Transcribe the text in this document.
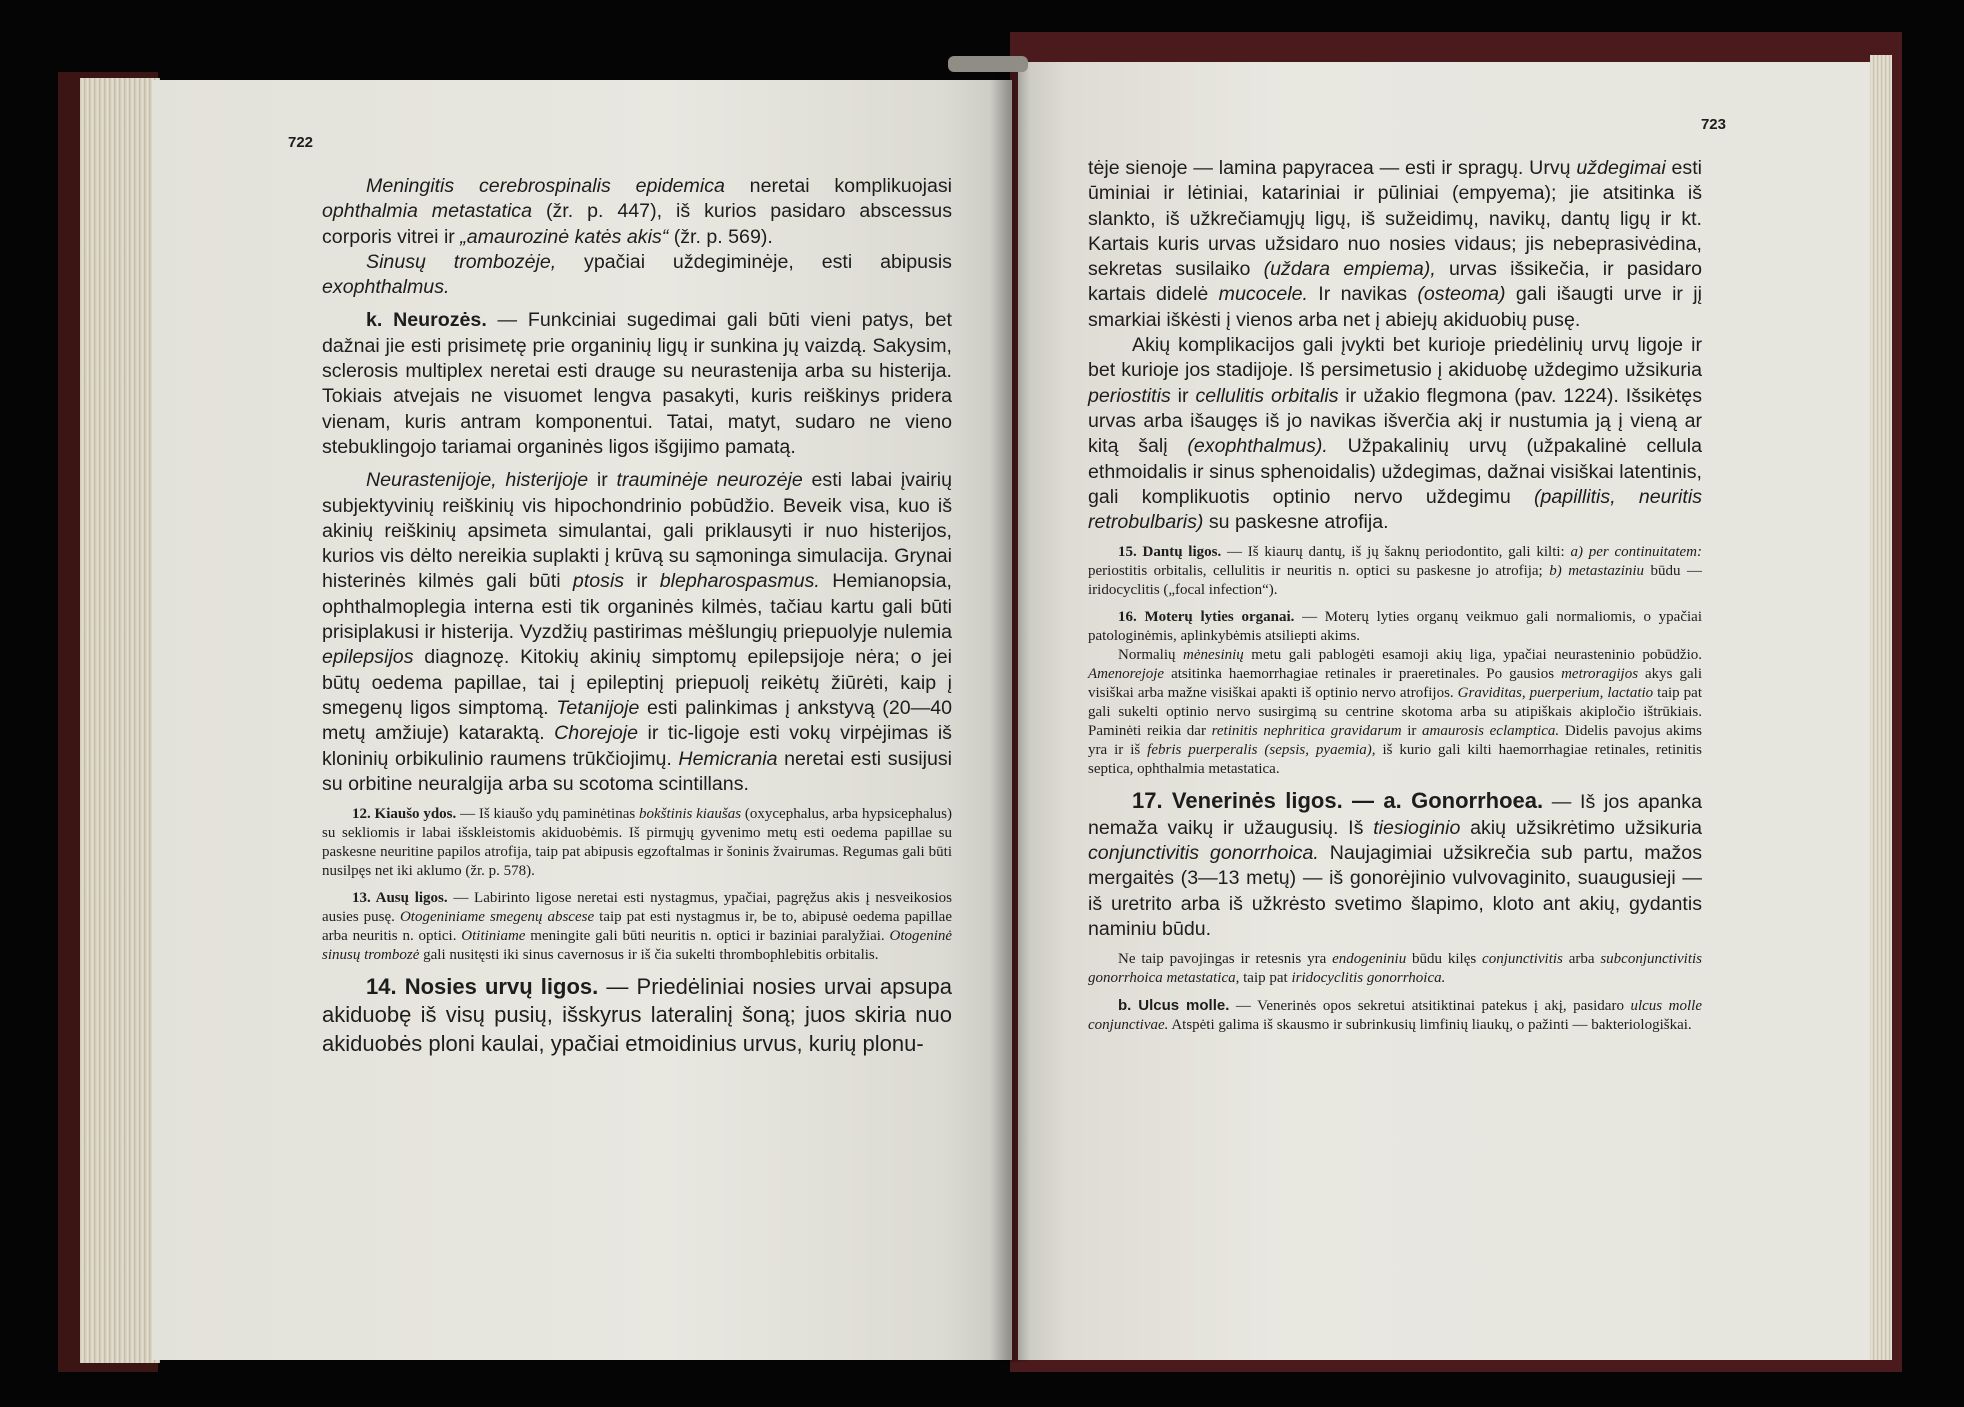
722

Meningitis cerebrospinalis epidemica neretai komplikuojasi ophthalmia metastatica (žr. p. 447), iš kurios pasidaro abscessus corporis vitrei ir „amaurozinė katės akis“ (žr. p. 569).

Sinusų trombozėje, ypačiai uždegiminėje, esti abipusis exophthalmus.

k. Neurozės. — Funkciniai sugedimai gali būti vieni patys, bet dažnai jie esti prisimetę prie organinių ligų ir sunkina jų vaizdą. Sakysim, sclerosis multiplex neretai esti drauge su neurastenija arba su histerija. Tokiais atvejais ne visuomet lengva pasakyti, kuris reiškinys pridera vienam, kuris antram komponentui. Tatai, matyt, sudaro ne vieno stebuklingojo tariamai organinės ligos išgijimo pamatą.

Neurastenijoje, histerijoje ir trauminėje neurozėje esti labai įvairių subjektyvinių reiškinių vis hipochondrinio pobūdžio. Beveik visa, kuo iš akinių reiškinių apsimeta simulantai, gali priklausyti ir nuo histerijos, kurios vis dėlto nereikia suplakti į krūvą su sąmoninga simulacija. Grynai histerinės kilmės gali būti ptosis ir blepharospasmus. Hemianopsia, ophthalmoplegia interna esti tik organinės kilmės, tačiau kartu gali būti prisiplakusi ir histerija. Vyzdžių pastirimas mėšlungių priepuolyje nulemia epilepsijos diagnozę. Kitokių akinių simptomų epilepsijoje nėra; o jei būtų oedema papillae, tai į epileptinį priepuolį reikėtų žiūrėti, kaip į smegenų ligos simptomą. Tetanijoje esti palinkimas į ankstyvą (20—40 metų amžiuje) kataraktą. Chorejoje ir tic-ligoje esti vokų virpėjimas iš kloninių orbikulinio raumens trūkčiojimų. Hemicrania neretai esti susijusi su orbitine neuralgija arba su scotoma scintillans.

12. Kiaušo ydos. — Iš kiaušo ydų paminėtinas bokštinis kiaušas (oxycephalus, arba hypsicephalus) su sekliomis ir labai išskleistomis akiduobėmis. Iš pirmųjų gyvenimo metų esti oedema papillae su paskesne neuritine papilos atrofija, taip pat abipusis egzoftalmas ir šoninis žvairumas. Regumas gali būti nusilpęs net iki aklumo (žr. p. 578).

13. Ausų ligos. — Labirinto ligose neretai esti nystagmus, ypačiai, pagręžus akis į nesveikosios ausies pusę. Otogeniniame smegenų abscese taip pat esti nystagmus ir, be to, abipusė oedema papillae arba neuritis n. optici. Otitiniame meningite gali būti neuritis n. optici ir baziniai paralyžiai. Otogeninė sinusų trombozė gali nusitęsti iki sinus cavernosus ir iš čia sukelti thrombophlebitis orbitalis.

14. Nosies urvų ligos. — Priedėliniai nosies urvai apsupa akiduobę iš visų pusių, išskyrus lateralinį šoną; juos skiria nuo akiduobės ploni kaulai, ypačiai etmoidinius urvus, kurių plonu-

723

tėje sienoje — lamina papyracea — esti ir spragų. Urvų uždegimai esti ūminiai ir lėtiniai, katariniai ir pūliniai (empyema); jie atsitinka iš slankto, iš užkrečiamųjų ligų, iš sužeidimų, navikų, dantų ligų ir kt. Kartais kuris urvas užsidaro nuo nosies vidaus; jis nebeprasivėdina, sekretas susilaiko (uždara empiema), urvas išsikečia, ir pasidaro kartais didelė mucocele. Ir navikas (osteoma) gali išaugti urve ir jį smarkiai iškėsti į vienos arba net į abiejų akiduobių pusę.

Akių komplikacijos gali įvykti bet kurioje priedėlinių urvų ligoje ir bet kurioje jos stadijoje. Iš persimetusio į akiduobę uždegimo užsikuria periostitis ir cellulitis orbitalis ir užakio flegmona (pav. 1224). Išsikėtęs urvas arba išaugęs iš jo navikas išverčia akį ir nustumia ją į vieną ar kitą šalį (exophthalmus). Užpakalinių urvų (užpakalinė cellula ethmoidalis ir sinus sphenoidalis) uždegimas, dažnai visiškai latentinis, gali komplikuotis optinio nervo uždegimu (papillitis, neuritis retrobulbaris) su paskesne atrofija.

15. Dantų ligos. — Iš kiaurų dantų, iš jų šaknų periodontito, gali kilti: a) per continuitatem: periostitis orbitalis, cellulitis ir neuritis n. optici su paskesne jo atrofija; b) metastaziniu būdu — iridocyclitis („focal infection“).

16. Moterų lyties organai. — Moterų lyties organų veikmuo gali normaliomis, o ypačiai patologinėmis, aplinkybėmis atsiliepti akims.

Normalių mėnesinių metu gali pablogėti esamoji akių liga, ypačiai neurasteninio pobūdžio. Amenorejoje atsitinka haemorrhagiae retinales ir praeretinales. Po gausios metroragijos akys gali visiškai arba mažne visiškai apakti iš optinio nervo atrofijos. Graviditas, puerperium, lactatio taip pat gali sukelti optinio nervo susirgimą su centrine skotoma arba su atipiškais akipločio ištrūkiais. Paminėti reikia dar retinitis nephritica gravidarum ir amaurosis eclamptica. Didelis pavojus akims yra ir iš febris puerperalis (sepsis, pyaemia), iš kurio gali kilti haemorrhagiae retinales, retinitis septica, ophthalmia metastatica.

17. Venerinės ligos. — a. Gonorrhoea. — Iš jos apanka nemaža vaikų ir užaugusių. Iš tiesioginio akių užsikrėtimo užsikuria conjunctivitis gonorrhoica. Naujagimiai užsikrečia sub partu, mažos mergaitės (3—13 metų) — iš gonorėjinio vulvovaginito, suaugusieji — iš uretrito arba iš užkrėsto svetimo šlapimo, kloto ant akių, gydantis naminiu būdu.

Ne taip pavojingas ir retesnis yra endogeniniu būdu kilęs conjunctivitis arba subconjunctivitis gonorrhoica metastatica, taip pat iridocyclitis gonorrhoica.

b. Ulcus molle. — Venerinės opos sekretui atsitiktinai patekus į akį, pasidaro ulcus molle conjunctivae. Atspėti galima iš skausmo ir subrinkusių limfinių liaukų, o pažinti — bakteriologiškai.
